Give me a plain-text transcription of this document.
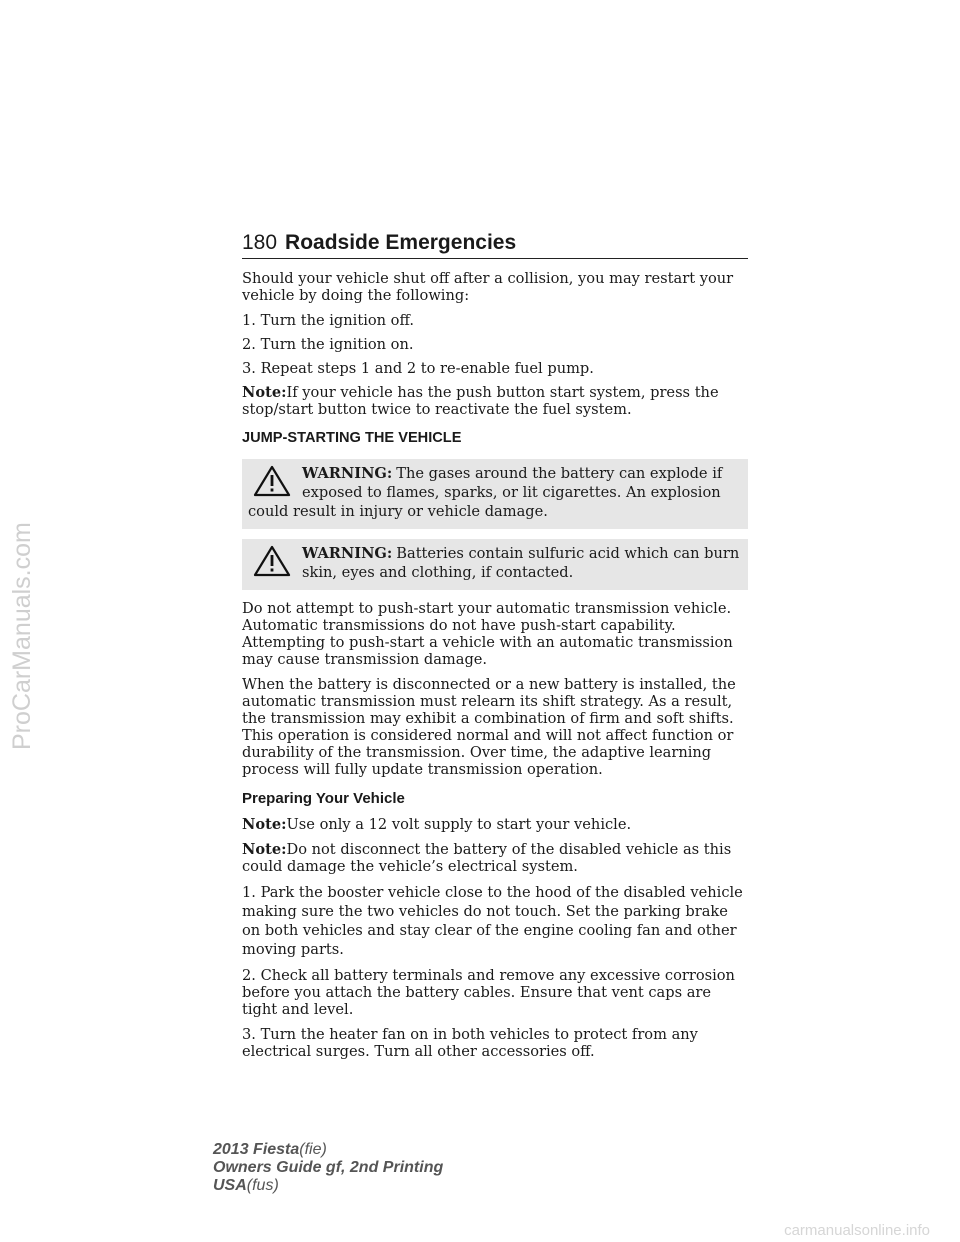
180 Roadside Emergencies

Should your vehicle shut off after a collision, you may restart your vehicle by doing the following:

1. Turn the ignition off.

2. Turn the ignition on.

3. Repeat steps 1 and 2 to re-enable fuel pump.

Note:If your vehicle has the push button start system, press the stop/start button twice to reactivate the fuel system.

JUMP-STARTING THE VEHICLE
WARNING: The gases around the battery can explode if exposed to flames, sparks, or lit cigarettes. An explosion could result in injury or vehicle damage.
WARNING: Batteries contain sulfuric acid which can burn skin, eyes and clothing, if contacted.

Do not attempt to push-start your automatic transmission vehicle. Automatic transmissions do not have push-start capability. Attempting to push-start a vehicle with an automatic transmission may cause transmission damage.

When the battery is disconnected or a new battery is installed, the automatic transmission must relearn its shift strategy. As a result, the transmission may exhibit a combination of firm and soft shifts. This operation is considered normal and will not affect function or durability of the transmission. Over time, the adaptive learning process will fully update transmission operation.

Preparing Your Vehicle

Note:Use only a 12 volt supply to start your vehicle.

Note:Do not disconnect the battery of the disabled vehicle as this could damage the vehicle’s electrical system.

1. Park the booster vehicle close to the hood of the disabled vehicle making sure the two vehicles do not touch. Set the parking brake on both vehicles and stay clear of the engine cooling fan and other moving parts.

2. Check all battery terminals and remove any excessive corrosion before you attach the battery cables. Ensure that vent caps are tight and level.

3. Turn the heater fan on in both vehicles to protect from any electrical surges. Turn all other accessories off.

2013 Fiesta(fie)
Owners Guide gf, 2nd Printing
USA(fus)
ProCarManuals.com
carmanualsonline.info
